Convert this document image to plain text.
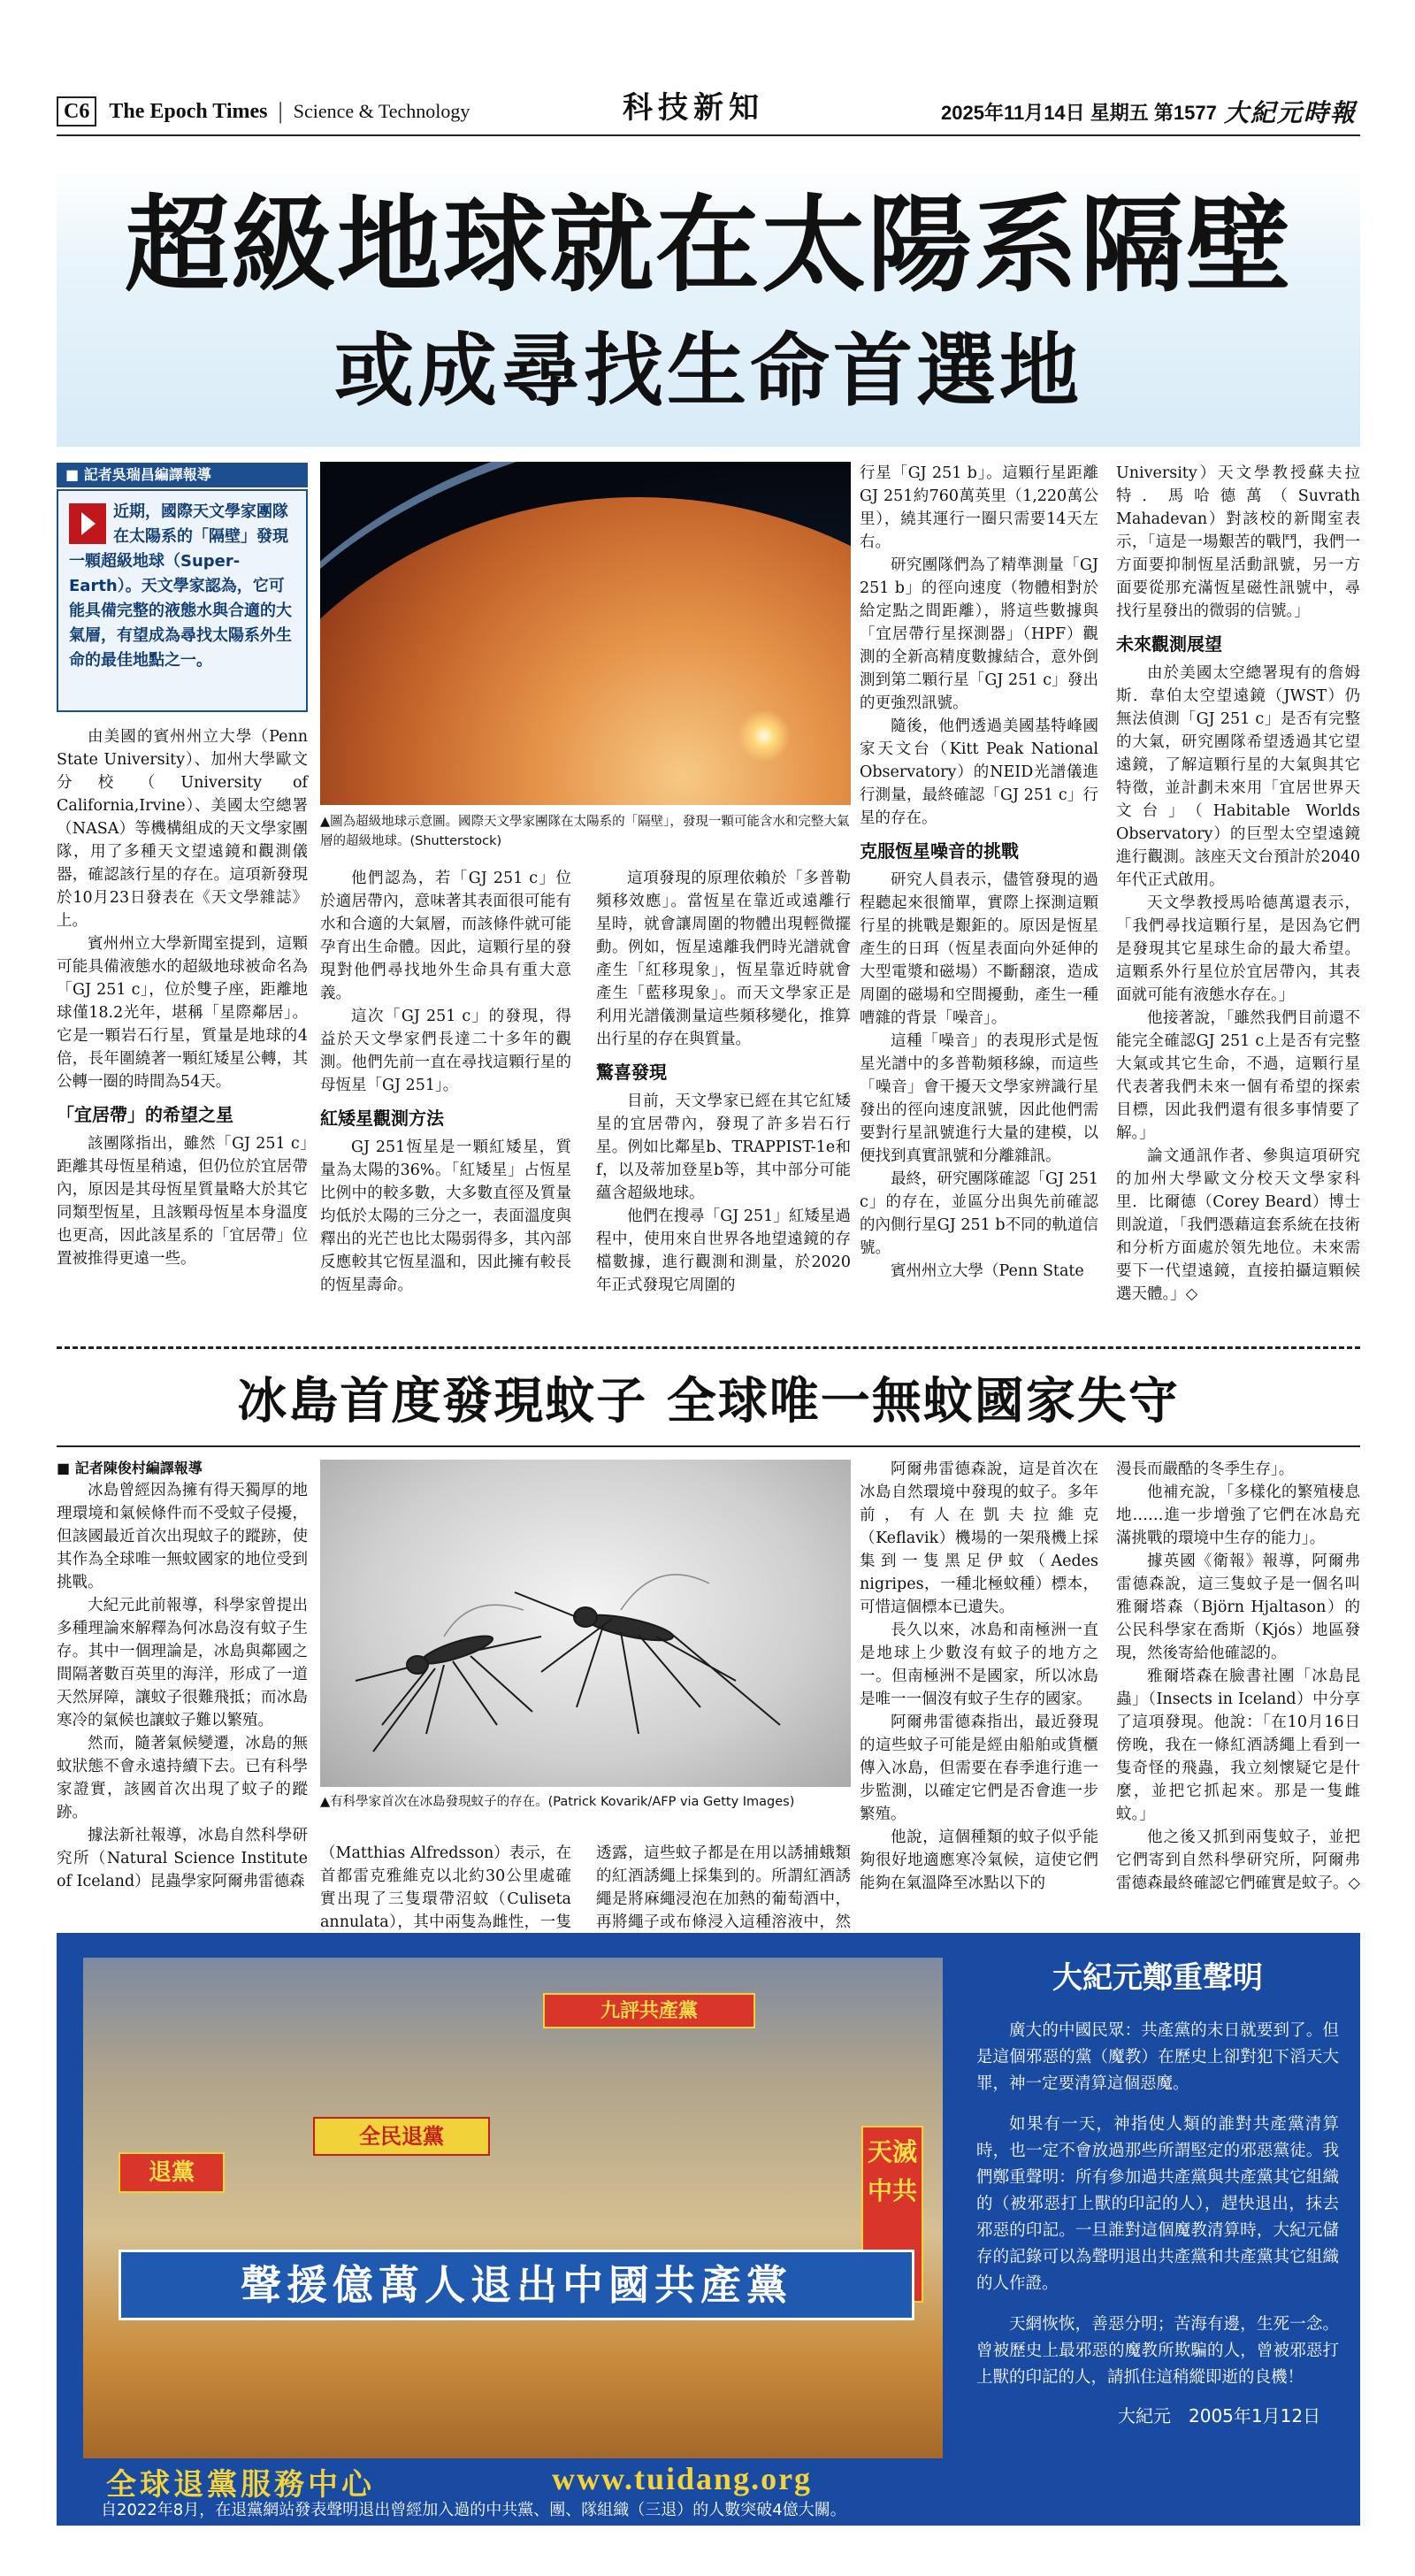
C6 The Epoch Times | Science & Technology	科技新知	2025年11月14日 星期五 第1577 大紀元時報
超級地球就在太陽系隔壁
或成尋找生命首選地
■ 記者吳瑞昌編譯報導
近期，國際天文學家團隊在太陽系的「隔壁」發現一顆超級地球（Super-Earth）。天文學家認為，它可能具備完整的液態水與合適的大氣層，有望成為尋找太陽系外生命的最佳地點之一。

由美國的賓州州立大學（Penn State University）、加州大學歐文分校（University of California,Irvine）、美國太空總署（NASA）等機構組成的天文學家團隊，用了多種天文望遠鏡和觀測儀器，確認該行星的存在。這項新發現於10月23日發表在《天文學雜誌》上。

賓州州立大學新聞室提到，這顆可能具備液態水的超級地球被命名為「GJ 251 c」，位於雙子座，距離地球僅18.2光年，堪稱「星際鄰居」。它是一顆岩石行星，質量是地球的4倍，長年圍繞著一顆紅矮星公轉，其公轉一圈的時間為54天。

「宜居帶」的希望之星

該團隊指出，雖然「GJ 251 c」距離其母恆星稍遠，但仍位於宜居帶內，原因是其母恆星質量略大於其它同類型恆星，且該顆母恆星本身溫度也更高，因此該星系的「宜居帶」位置被推得更遠一些。

▲圖為超級地球示意圖。國際天文學家團隊在太陽系的「隔壁」，發現一顆可能含水和完整大氣層的超級地球。(Shutterstock)

他們認為，若「GJ 251 c」位於適居帶內，意味著其表面很可能有水和合適的大氣層，而該條件就可能孕育出生命體。因此，這顆行星的發現對他們尋找地外生命具有重大意義。

這次「GJ 251 c」的發現，得益於天文學家們長達二十多年的觀測。他們先前一直在尋找這顆行星的母恆星「GJ 251」。

紅矮星觀測方法

GJ 251恆星是一顆紅矮星，質量為太陽的36%。「紅矮星」占恆星比例中的較多數，大多數直徑及質量均低於太陽的三分之一，表面溫度與釋出的光芒也比太陽弱得多，其內部反應較其它恆星溫和，因此擁有較長的恆星壽命。

這項發現的原理依賴於「多普勒頻移效應」。當恆星在靠近或遠離行星時，就會讓周圍的物體出現輕微擺動。例如，恆星遠離我們時光譜就會產生「紅移現象」，恆星靠近時就會產生「藍移現象」。而天文學家正是利用光譜儀測量這些頻移變化，推算出行星的存在與質量。

驚喜發現

目前，天文學家已經在其它紅矮星的宜居帶內，發現了許多岩石行星。例如比鄰星b、TRAPPIST-1e和f，以及蒂加登星b等，其中部分可能蘊含超級地球。

他們在搜尋「GJ 251」紅矮星過程中，使用來自世界各地望遠鏡的存檔數據，進行觀測和測量，於2020年正式發現它周圍的

行星「GJ 251 b」。這顆行星距離GJ 251約760萬英里（1,220萬公里），繞其運行一圈只需要14天左右。

研究團隊們為了精準測量「GJ 251 b」的徑向速度（物體相對於給定點之間距離），將這些數據與「宜居帶行星探測器」（HPF）觀測的全新高精度數據結合，意外倒測到第二顆行星「GJ 251 c」發出的更強烈訊號。

隨後，他們透過美國基特峰國家天文台（Kitt Peak National Observatory）的NEID光譜儀進行測量，最終確認「GJ 251 c」行星的存在。

克服恆星噪音的挑戰

研究人員表示，儘管發現的過程聽起來很簡單，實際上探測這顆行星的挑戰是艱鉅的。原因是恆星產生的日珥（恆星表面向外延伸的大型電漿和磁場）不斷翻滾，造成周圍的磁場和空間擾動，產生一種嘈雜的背景「噪音」。

這種「噪音」的表現形式是恆星光譜中的多普勒頻移線，而這些「噪音」會干擾天文學家辨識行星發出的徑向速度訊號，因此他們需要對行星訊號進行大量的建模，以便找到真實訊號和分離雜訊。

最終，研究團隊確認「GJ 251 c」的存在，並區分出與先前確認的內側行星GJ 251 b不同的軌道信號。

賓州州立大學（Penn State

University）天文學教授蘇夫拉特．馬哈德萬（Suvrath Mahadevan）對該校的新聞室表示，「這是一場艱苦的戰鬥，我們一方面要抑制恆星活動訊號，另一方面要從那充滿恆星磁性訊號中，尋找行星發出的微弱的信號。」

未來觀測展望

由於美國太空總署現有的詹姆斯．韋伯太空望遠鏡（JWST）仍無法偵測「GJ 251 c」是否有完整的大氣，研究團隊希望透過其它望遠鏡，了解這顆行星的大氣與其它特徵，並計劃未來用「宜居世界天文台」（Habitable Worlds Observatory）的巨型太空望遠鏡進行觀測。該座天文台預計於2040年代正式啟用。

天文學教授馬哈德萬還表示，「我們尋找這顆行星，是因為它們是發現其它星球生命的最大希望。這顆系外行星位於宜居帶內，其表面就可能有液態水存在。」

他接著說，「雖然我們目前還不能完全確認GJ 251 c上是否有完整大氣或其它生命，不過，這顆行星代表著我們未來一個有希望的探索目標，因此我們還有很多事情要了解。」

論文通訊作者、參與這項研究的加州大學歐文分校天文學家科里．比爾德（Corey Beard）博士則說道，「我們憑藉這套系統在技術和分析方面處於領先地位。未來需要下一代望遠鏡，直接拍攝這顆候選天體。」◇

冰島首度發現蚊子 全球唯一無蚊國家失守
■ 記者陳俊村編譯報導

冰島曾經因為擁有得天獨厚的地理環境和氣候條件而不受蚊子侵擾，但該國最近首次出現蚊子的蹤跡，使其作為全球唯一無蚊國家的地位受到挑戰。

大紀元此前報導，科學家曾提出多種理論來解釋為何冰島沒有蚊子生存。其中一個理論是，冰島與鄰國之間隔著數百英里的海洋，形成了一道天然屏障，讓蚊子很難飛抵；而冰島寒冷的氣候也讓蚊子難以繁殖。

然而，隨著氣候變遷，冰島的無蚊狀態不會永遠持續下去。已有科學家證實，該國首次出現了蚊子的蹤跡。

據法新社報導，冰島自然科學研究所（Natural Science Institute of Iceland）昆蟲學家阿爾弗雷德森

▲有科學家首次在冰島發現蚊子的存在。(Patrick Kovarik/AFP via Getty Images)

（Matthias Alfredsson）表示，在首都雷克雅維克以北約30公里處確實出現了三隻環帶沼蚊（Culiseta annulata），其中兩隻為雌性，一隻

透露，這些蚊子都是在用以誘捕蛾類的紅酒誘繩上採集到的。所謂紅酒誘繩是將麻繩浸泡在加熱的葡萄酒中，再將繩子或布條浸入這種溶液中，然

阿爾弗雷德森說，這是首次在冰島自然環境中發現的蚊子。多年前，有人在凱夫拉維克（Keflavik）機場的一架飛機上採集到一隻黑足伊蚊（Aedes nigripes，一種北極蚊種）標本，可惜這個標本已遺失。

長久以來，冰島和南極洲一直是地球上少數沒有蚊子的地方之一。但南極洲不是國家，所以冰島是唯一一個沒有蚊子生存的國家。

阿爾弗雷德森指出，最近發現的這些蚊子可能是經由船舶或貨櫃傳入冰島，但需要在春季進行進一步監測，以確定它們是否會進一步繁殖。

他說，這個種類的蚊子似乎能夠很好地適應寒冷氣候，這使它們能夠在氣溫降至冰點以下的

漫長而嚴酷的冬季生存」。

他補充說，「多樣化的繁殖棲息地……進一步增強了它們在冰島充滿挑戰的環境中生存的能力」。

據英國《衛報》報導，阿爾弗雷德森說，這三隻蚊子是一個名叫雅爾塔森（Björn Hjaltason）的公民科學家在喬斯（Kjós）地區發現，然後寄給他確認的。

雅爾塔森在臉書社團「冰島昆蟲」（Insects in Iceland）中分享了這項發現。他說：「在10月16日傍晚，我在一條紅酒誘繩上看到一隻奇怪的飛蟲，我立刻懷疑它是什麼，並把它抓起來。那是一隻雌蚊。」

他之後又抓到兩隻蚊子，並把它們寄到自然科學研究所，阿爾弗雷德森最終確認它們確實是蚊子。◇

九評共產黨
全民退黨
天滅中共
退黨
聲援億萬人退出中國共產黨
大紀元鄭重聲明

廣大的中國民眾：共產黨的末日就要到了。但是這個邪惡的黨（魔教）在歷史上卻對犯下滔天大罪，神一定要清算這個惡魔。

如果有一天，神指使人類的誰對共產黨清算時，也一定不會放過那些所謂堅定的邪惡黨徒。我們鄭重聲明：所有參加過共產黨與共產黨其它組織的（被邪惡打上獸的印記的人），趕快退出，抹去邪惡的印記。一旦誰對這個魔教清算時，大紀元儲存的記錄可以為聲明退出共產黨和共產黨其它組織的人作證。

天網恢恢，善惡分明；苦海有邊，生死一念。曾被歷史上最邪惡的魔教所欺騙的人，曾被邪惡打上獸的印記的人，請抓住這稍縱即逝的良機！

大紀元　2005年1月12日
全球退黨服務中心	www.tuidang.org
自2022年8月，在退黨網站發表聲明退出曾經加入過的中共黨、團、隊組織（三退）的人數突破4億大關。
